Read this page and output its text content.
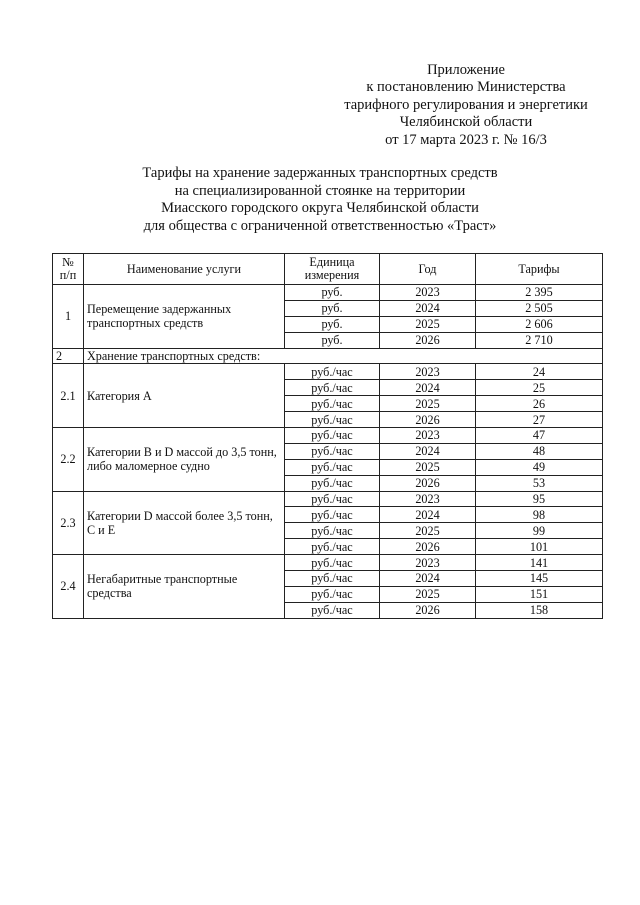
Приложение
к постановлению Министерства
тарифного регулирования и энергетики
Челябинской области
от 17 марта 2023 г. № 16/3
Тарифы на хранение задержанных транспортных средств
на специализированной стоянке на территории
Миасского городского округа Челябинской области
для общества с ограниченной ответственностью «Траст»
№ п/п	Наименование услуги	Единица измерения	Год	Тарифы
1	Перемещение задержанных транспортных средств	руб.	2023	2 395
		руб.	2024	2 505
		руб.	2025	2 606
		руб.	2026	2 710
2	Хранение транспортных средств:			
2.1	Категория А	руб./час	2023	24
		руб./час	2024	25
		руб./час	2025	26
		руб./час	2026	27
2.2	Категории В и D массой до 3,5 тонн, либо маломерное судно	руб./час	2023	47
		руб./час	2024	48
		руб./час	2025	49
		руб./час	2026	53
2.3	Категории D массой более 3,5 тонн, С и Е	руб./час	2023	95
		руб./час	2024	98
		руб./час	2025	99
		руб./час	2026	101
2.4	Негабаритные транспортные средства	руб./час	2023	141
		руб./час	2024	145
		руб./час	2025	151
		руб./час	2026	158
